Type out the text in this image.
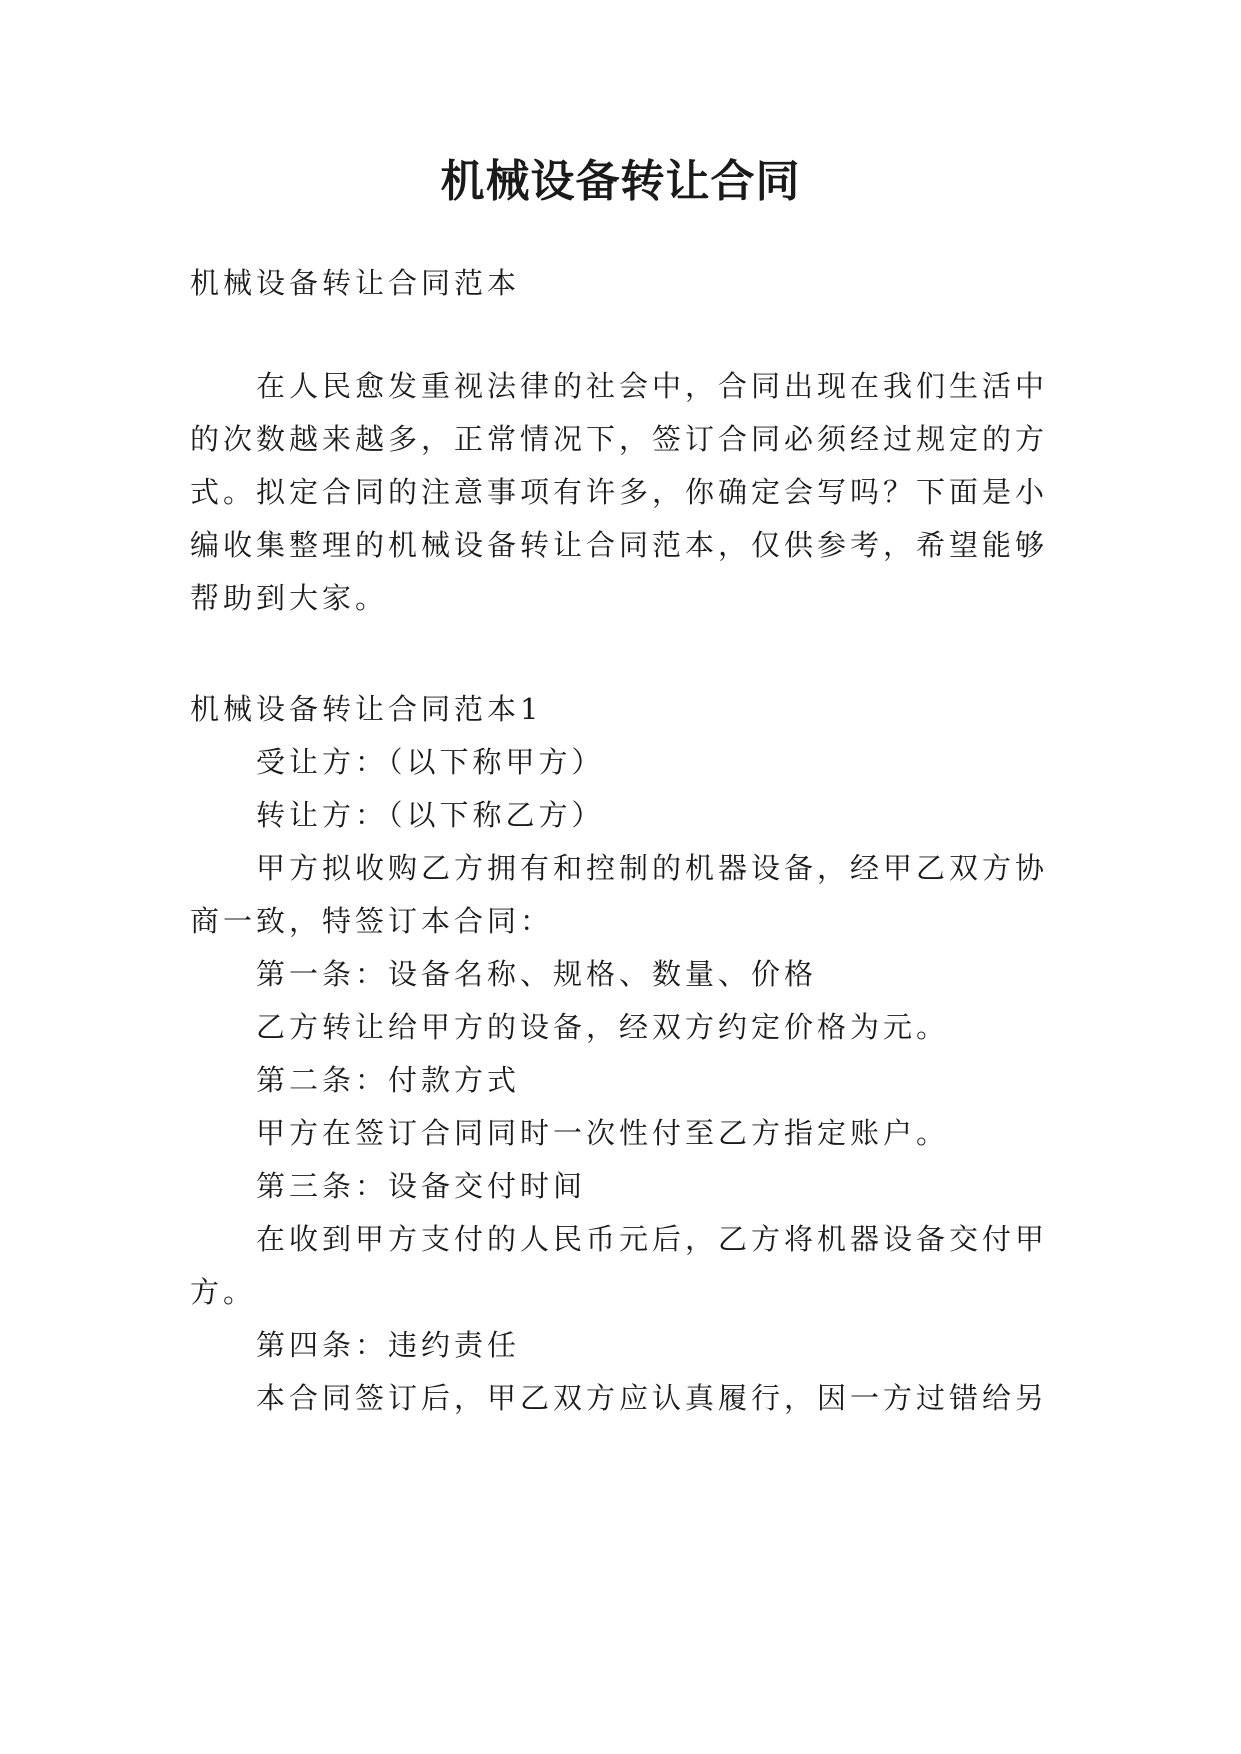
机械设备转让合同
机械设备转让合同范本
在人民愈发重视法律的社会中，合同出现在我们生活中
的次数越来越多，正常情况下，签订合同必须经过规定的方
式。拟定合同的注意事项有许多，你确定会写吗？下面是小
编收集整理的机械设备转让合同范本，仅供参考，希望能够
帮助到大家。
机械设备转让合同范本1
受让方：（以下称甲方）
转让方：（以下称乙方）
甲方拟收购乙方拥有和控制的机器设备，经甲乙双方协
商一致，特签订本合同：
第一条：设备名称、规格、数量、价格
乙方转让给甲方的设备，经双方约定价格为元。
第二条：付款方式
甲方在签订合同同时一次性付至乙方指定账户。
第三条：设备交付时间
在收到甲方支付的人民币元后，乙方将机器设备交付甲
方。
第四条：违约责任
本合同签订后，甲乙双方应认真履行，因一方过错给另
